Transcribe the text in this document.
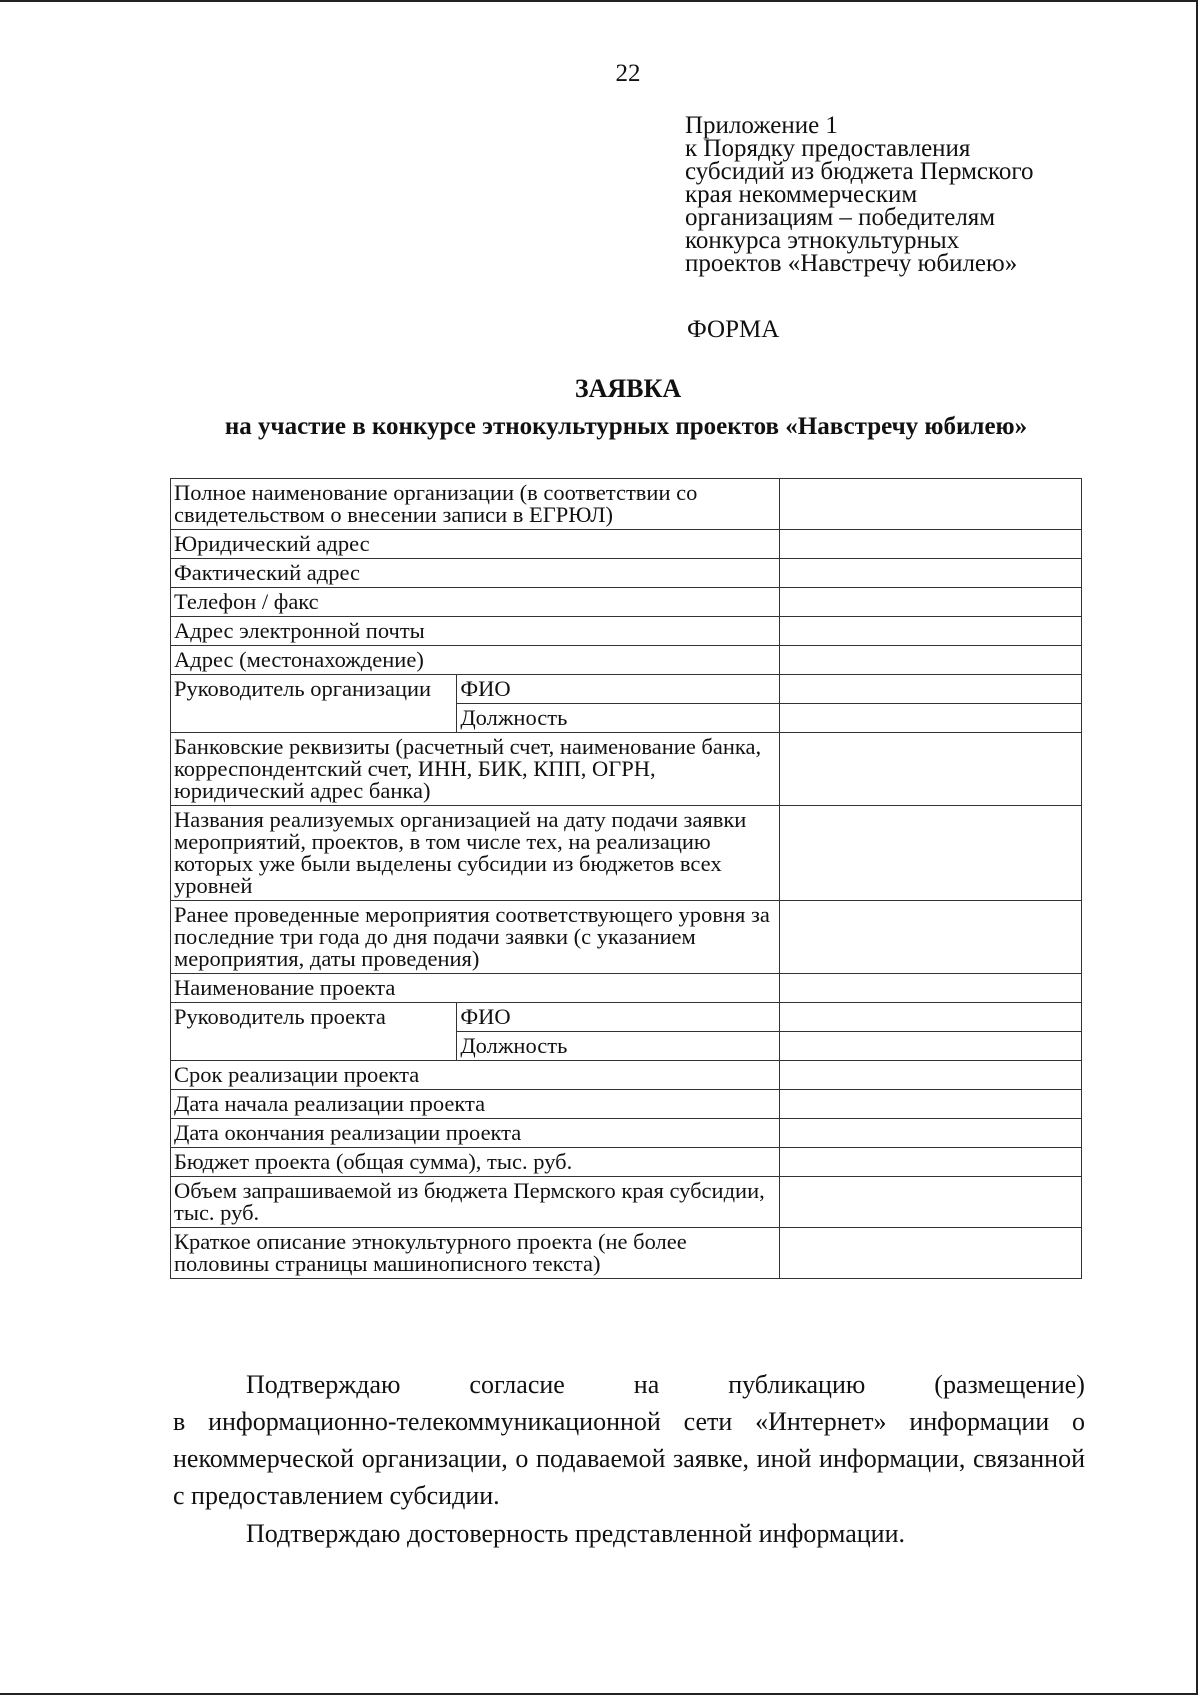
22
Приложение 1
к Порядку предоставления
субсидий из бюджета Пермского
края некоммерческим
организациям – победителям
конкурса этнокультурных
проектов «Навстречу юбилею»
ФОРМА
ЗАЯВКА
на участие в конкурсе этнокультурных проектов «Навстречу юбилею»
Полное наименование организации (в соответствии со свидетельством о внесении записи в ЕГРЮЛ)		
Юридический адрес		
Фактический адрес		
Телефон / факс		
Адрес электронной почты		
Адрес (местонахождение)		
Руководитель организации	ФИО	
	Должность	
Банковские реквизиты (расчетный счет, наименование банка, корреспондентский счет, ИНН, БИК, КПП, ОГРН, юридический адрес банка)		
Названия реализуемых организацией на дату подачи заявки мероприятий, проектов, в том числе тех, на реализацию которых уже были выделены субсидии из бюджетов всех уровней		
Ранее проведенные мероприятия соответствующего уровня за последние три года до дня подачи заявки (с указанием мероприятия, даты проведения)		
Наименование проекта		
Руководитель проекта	ФИО	
	Должность	
Срок реализации проекта		
Дата начала реализации проекта		
Дата окончания реализации проекта		
Бюджет проекта (общая сумма), тыс. руб.		
Объем запрашиваемой из бюджета Пермского края субсидии, тыс. руб.		
Краткое описание этнокультурного проекта (не более половины страницы машинописного текста)		
Подтверждаю	согласие	на	публикацию	(размещение)
в информационно-телекоммуникационной сети «Интернет» информации о некоммерческой организации, о подаваемой заявке, иной информации, связанной с предоставлением субсидии.
Подтверждаю достоверность представленной информации.
